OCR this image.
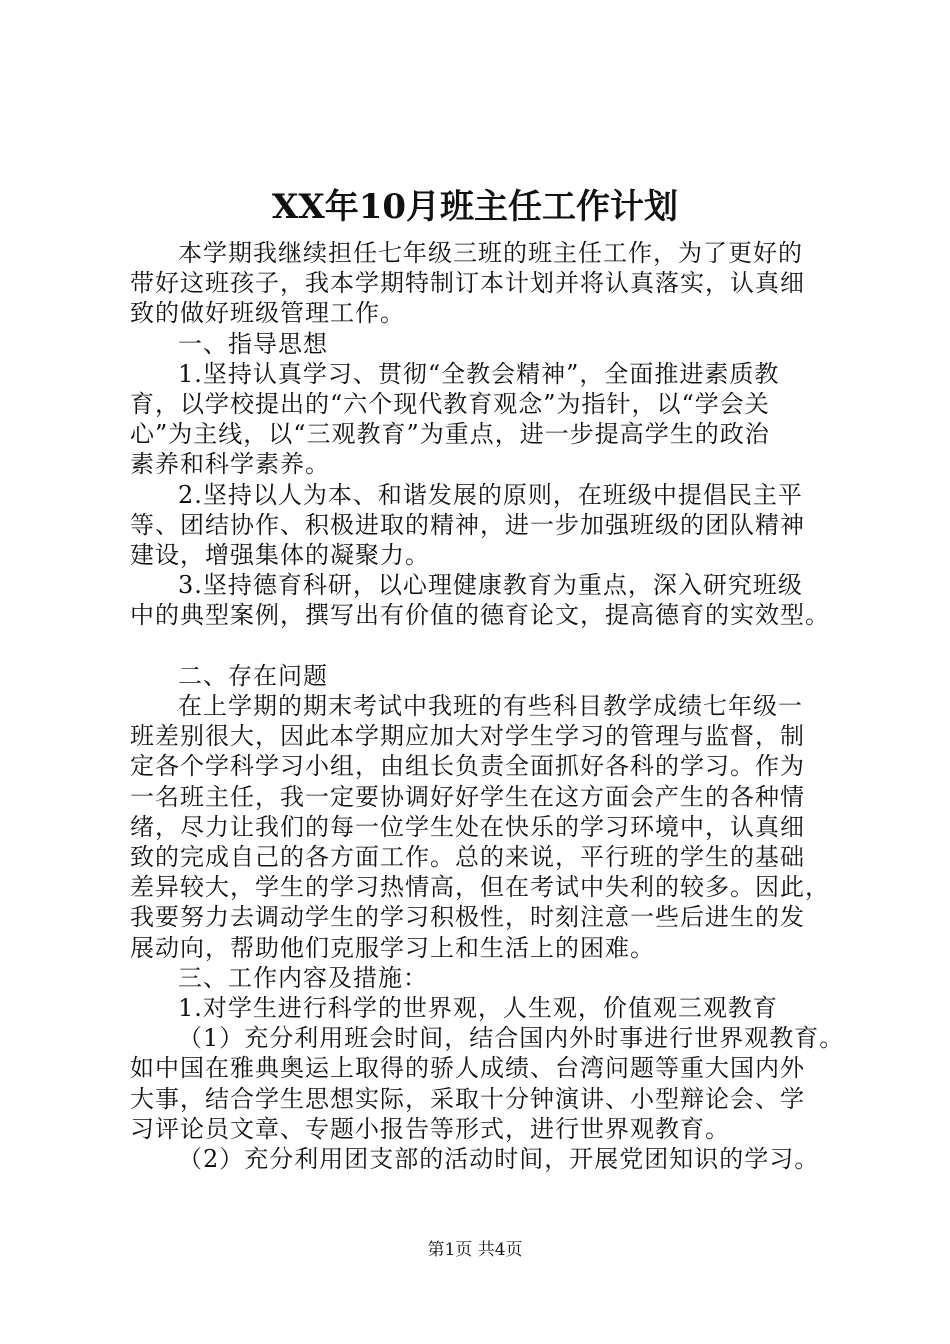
XX年10月班主任工作计划

本学期我继续担任七年级三班的班主任工作，为了更好的
带好这班孩子，我本学期特制订本计划并将认真落实，认真细
致的做好班级管理工作。

一、指导思想

1.坚持认真学习、贯彻“全教会精神”，全面推进素质教
育，以学校提出的“六个现代教育观念”为指针，以“学会关
心”为主线，以“三观教育”为重点，进一步提高学生的政治
素养和科学素养。

2.坚持以人为本、和谐发展的原则，在班级中提倡民主平
等、团结协作、积极进取的精神，进一步加强班级的团队精神
建设，增强集体的凝聚力。

3.坚持德育科研，以心理健康教育为重点，深入研究班级
中的典型案例，撰写出有价值的德育论文，提高德育的实效型。

二、存在问题

在上学期的期末考试中我班的有些科目教学成绩七年级一
班差别很大，因此本学期应加大对学生学习的管理与监督，制
定各个学科学习小组，由组长负责全面抓好各科的学习。作为
一名班主任，我一定要协调好好学生在这方面会产生的各种情
绪，尽力让我们的每一位学生处在快乐的学习环境中，认真细
致的完成自己的各方面工作。总的来说，平行班的学生的基础
差异较大，学生的学习热情高，但在考试中失利的较多。因此，
我要努力去调动学生的学习积极性，时刻注意一些后进生的发
展动向，帮助他们克服学习上和生活上的困难。

三、工作内容及措施：

1.对学生进行科学的世界观，人生观，价值观三观教育

（1）充分利用班会时间，结合国内外时事进行世界观教育。
如中国在雅典奥运上取得的骄人成绩、台湾问题等重大国内外
大事，结合学生思想实际，采取十分钟演讲、小型辩论会、学
习评论员文章、专题小报告等形式，进行世界观教育。

（2）充分利用团支部的活动时间，开展党团知识的学习。

第1页 共4页
